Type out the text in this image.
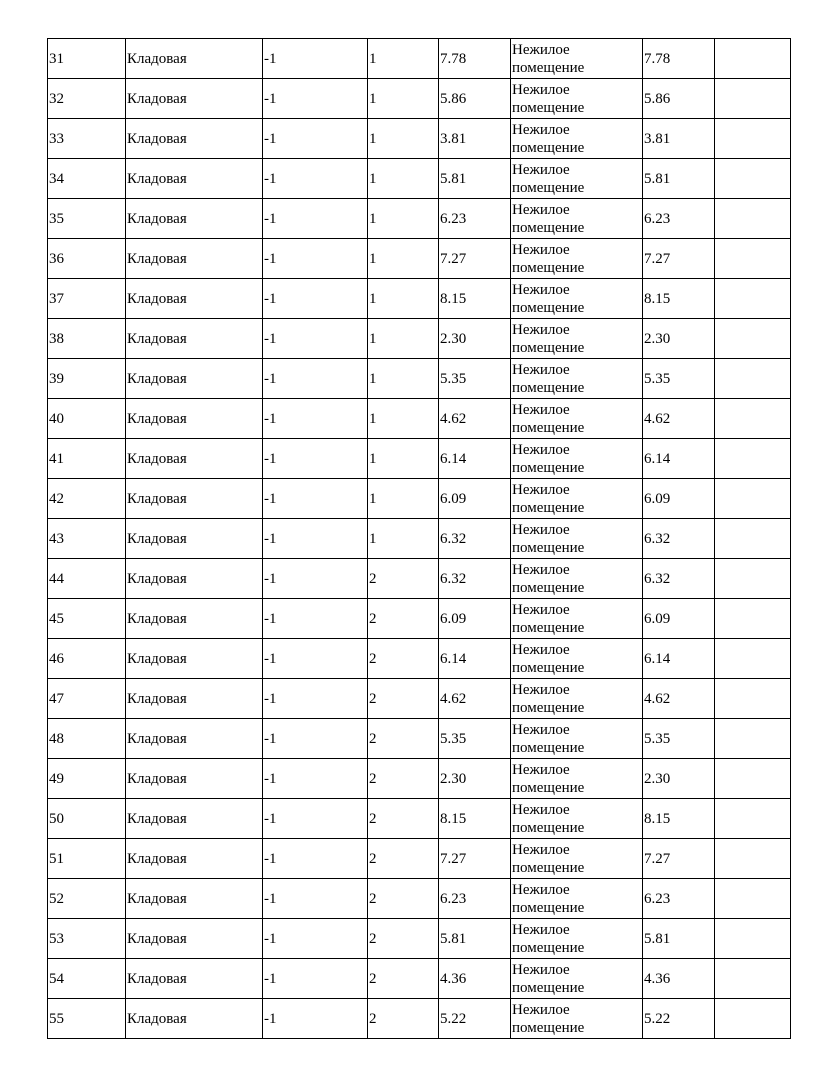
31	Кладовая	-1	1	7.78	Нежилое помещение	7.78	
32	Кладовая	-1	1	5.86	Нежилое помещение	5.86	
33	Кладовая	-1	1	3.81	Нежилое помещение	3.81	
34	Кладовая	-1	1	5.81	Нежилое помещение	5.81	
35	Кладовая	-1	1	6.23	Нежилое помещение	6.23	
36	Кладовая	-1	1	7.27	Нежилое помещение	7.27	
37	Кладовая	-1	1	8.15	Нежилое помещение	8.15	
38	Кладовая	-1	1	2.30	Нежилое помещение	2.30	
39	Кладовая	-1	1	5.35	Нежилое помещение	5.35	
40	Кладовая	-1	1	4.62	Нежилое помещение	4.62	
41	Кладовая	-1	1	6.14	Нежилое помещение	6.14	
42	Кладовая	-1	1	6.09	Нежилое помещение	6.09	
43	Кладовая	-1	1	6.32	Нежилое помещение	6.32	
44	Кладовая	-1	2	6.32	Нежилое помещение	6.32	
45	Кладовая	-1	2	6.09	Нежилое помещение	6.09	
46	Кладовая	-1	2	6.14	Нежилое помещение	6.14	
47	Кладовая	-1	2	4.62	Нежилое помещение	4.62	
48	Кладовая	-1	2	5.35	Нежилое помещение	5.35	
49	Кладовая	-1	2	2.30	Нежилое помещение	2.30	
50	Кладовая	-1	2	8.15	Нежилое помещение	8.15	
51	Кладовая	-1	2	7.27	Нежилое помещение	7.27	
52	Кладовая	-1	2	6.23	Нежилое помещение	6.23	
53	Кладовая	-1	2	5.81	Нежилое помещение	5.81	
54	Кладовая	-1	2	4.36	Нежилое помещение	4.36	
55	Кладовая	-1	2	5.22	Нежилое помещение	5.22	
